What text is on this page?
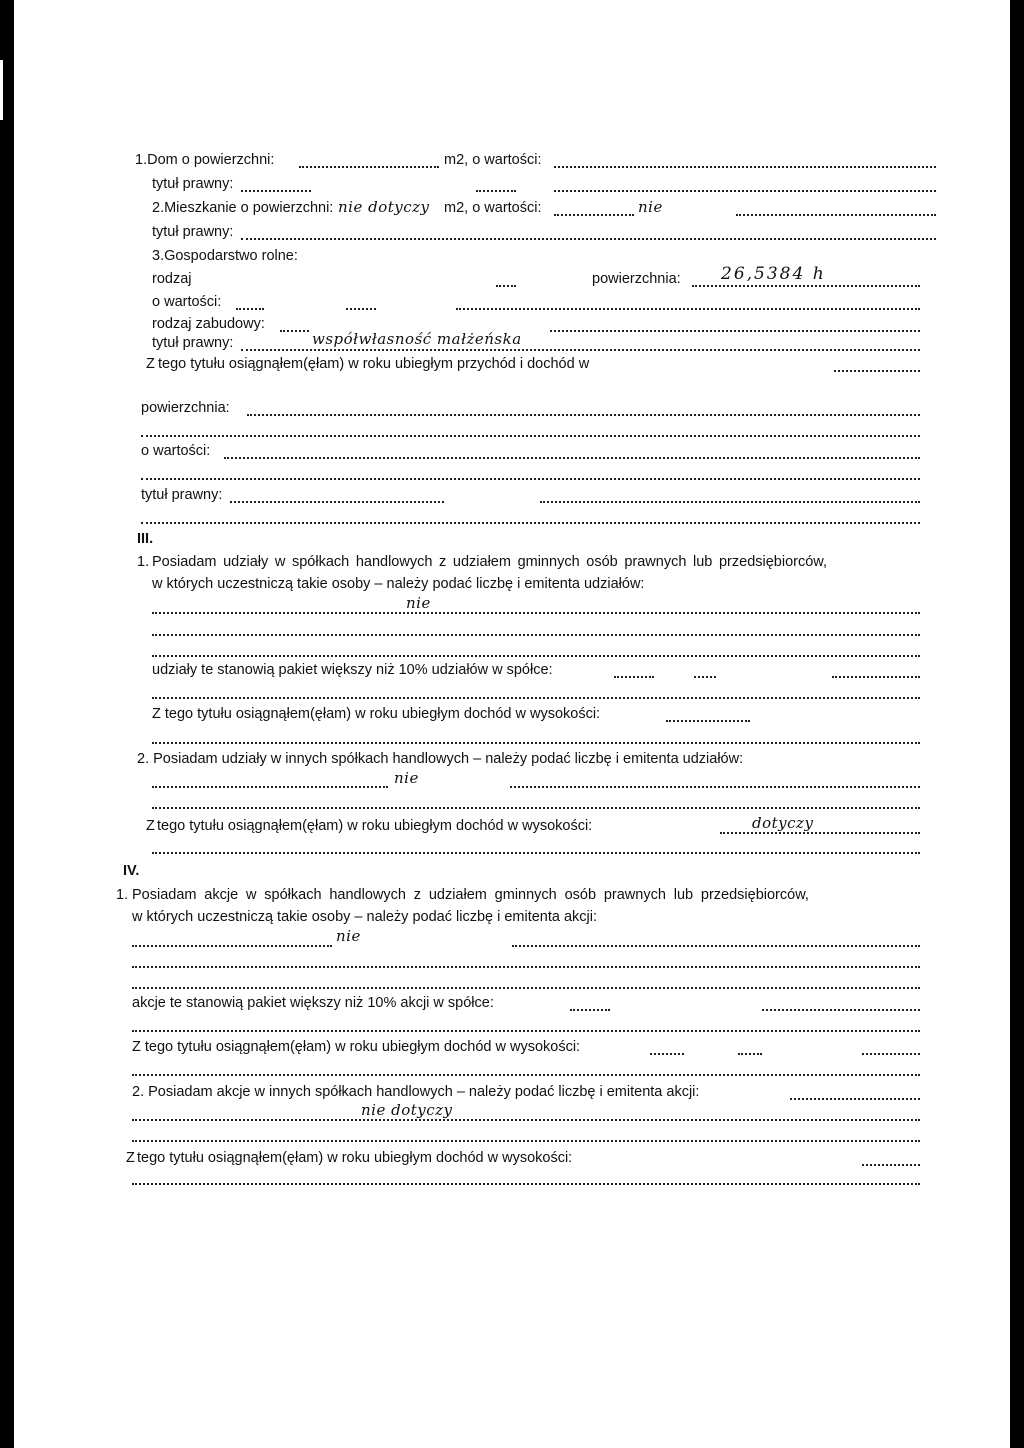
1.Dom o powierzchni:	m2, o wartości:
tytuł prawny:
2.Mieszkanie o powierzchni: nie dotyczy m2, o wartości:	nie
tytuł prawny:
3.Gospodarstwo rolne:
rodzaj	powierzchnia: 26,5384 h
o wartości:
rodzaj zabudowy:
tytuł prawny:	współwłasność małżeńska
Z tego tytułu osiągnąłem(ęłam) w roku ubiegłym przychód i dochód w
powierzchnia:
o wartości:
tytuł prawny:
III.
1. Posiadam udziały w spółkach handlowych z udziałem gminnych osób prawnych lub przedsiębiorców,
w których uczestniczą takie osoby – należy podać liczbę i emitenta udziałów:
nie
udziały te stanowią pakiet większy niż 10% udziałów w spółce:
Z tego tytułu osiągnąłem(ęłam) w roku ubiegłym dochód w wysokości:
2. Posiadam udziały w innych spółkach handlowych – należy podać liczbę i emitenta udziałów:
nie
Z tego tytułu osiągnąłem(ęłam) w roku ubiegłym dochód w wysokości:	dotyczy
IV.
1. Posiadam akcje w spółkach handlowych z udziałem gminnych osób prawnych lub przedsiębiorców,
w których uczestniczą takie osoby – należy podać liczbę i emitenta akcji:
nie
akcje te stanowią pakiet większy niż 10% akcji w spółce:
Z tego tytułu osiągnąłem(ęłam) w roku ubiegłym dochód w wysokości:
2. Posiadam akcje w innych spółkach handlowych – należy podać liczbę i emitenta akcji:
nie dotyczy
Z tego tytułu osiągnąłem(ęłam) w roku ubiegłym dochód w wysokości:
